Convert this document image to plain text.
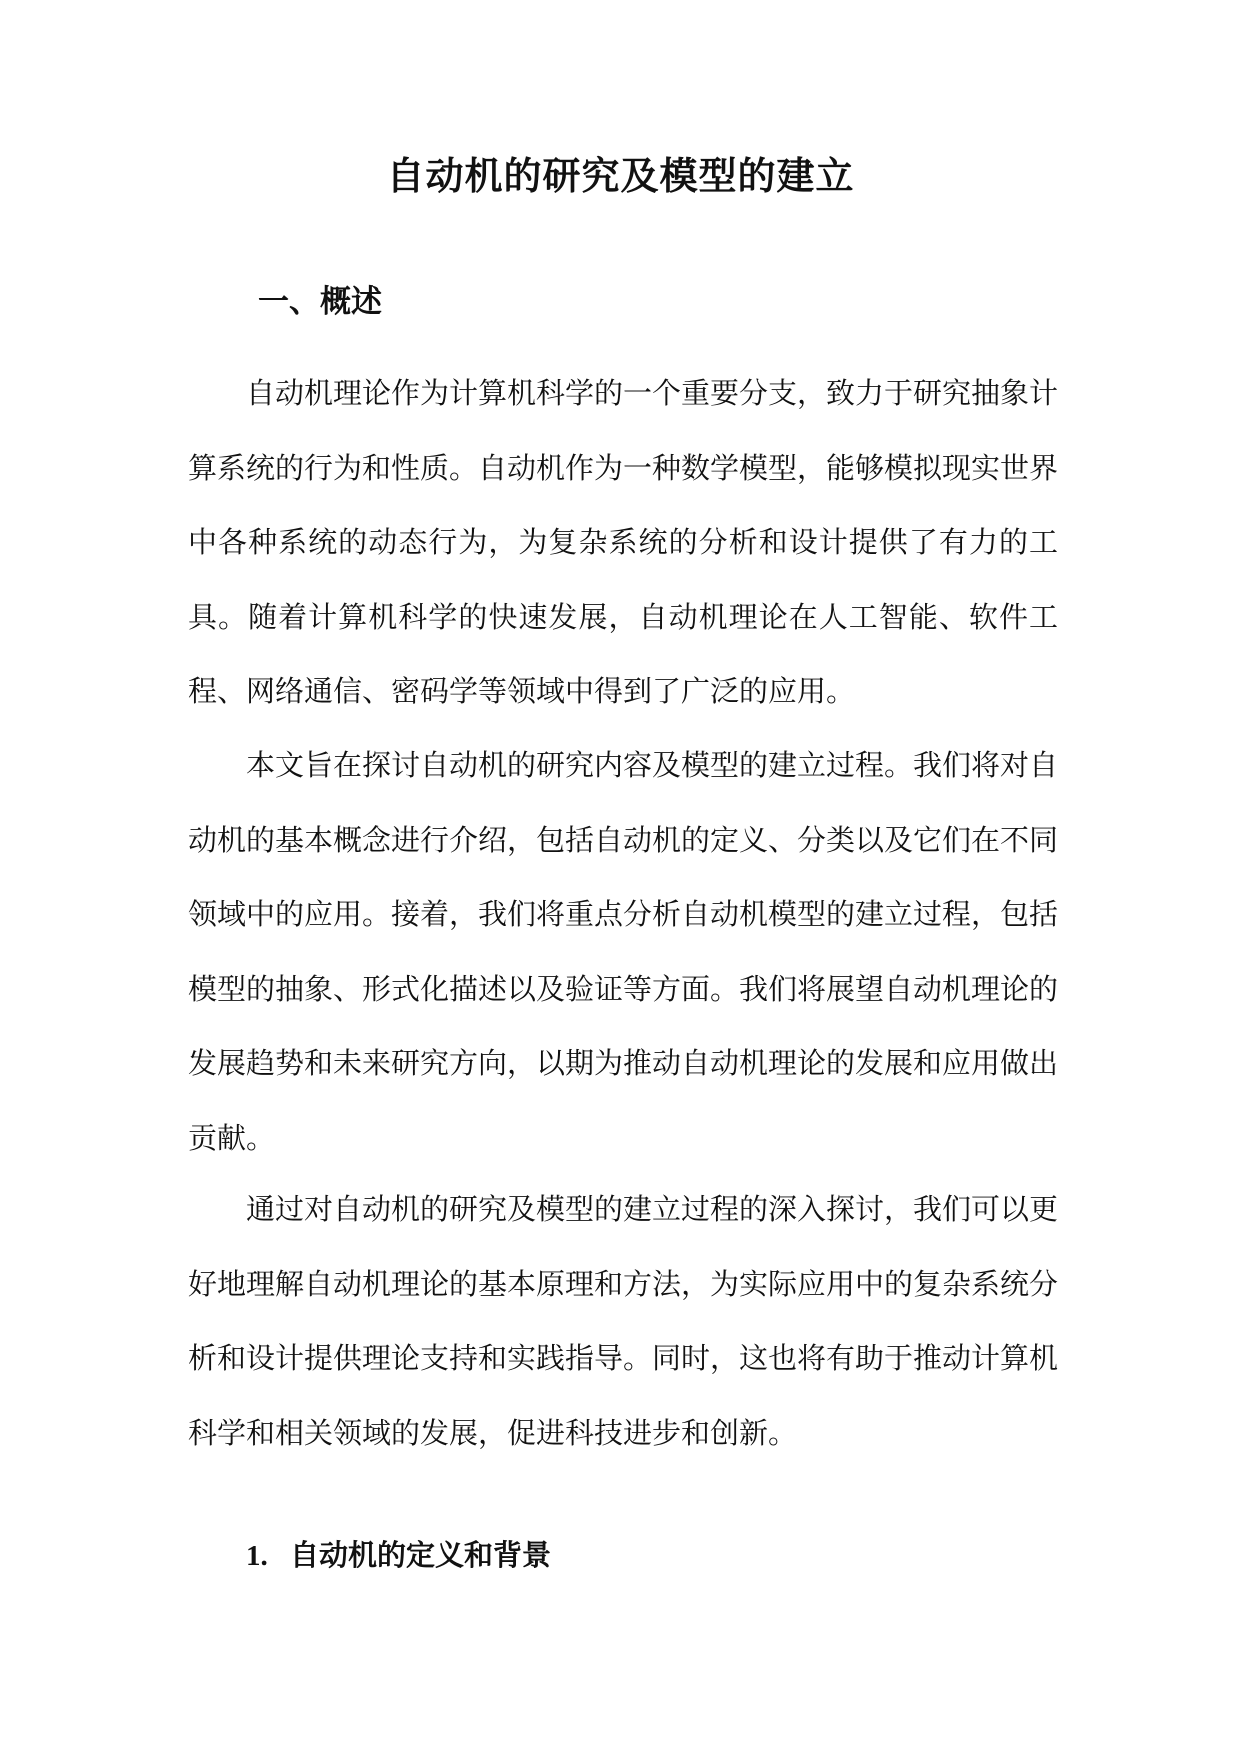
自动机的研究及模型的建立
一、概述

自动机理论作为计算机科学的一个重要分支，致力于研究抽象计算系统的行为和性质。自动机作为一种数学模型，能够模拟现实世界中各种系统的动态行为，为复杂系统的分析和设计提供了有力的工具。随着计算机科学的快速发展，自动机理论在人工智能、软件工程、网络通信、密码学等领域中得到了广泛的应用。

本文旨在探讨自动机的研究内容及模型的建立过程。我们将对自动机的基本概念进行介绍，包括自动机的定义、分类以及它们在不同领域中的应用。接着，我们将重点分析自动机模型的建立过程，包括模型的抽象、形式化描述以及验证等方面。我们将展望自动机理论的发展趋势和未来研究方向，以期为推动自动机理论的发展和应用做出贡献。

通过对自动机的研究及模型的建立过程的深入探讨，我们可以更好地理解自动机理论的基本原理和方法，为实际应用中的复杂系统分析和设计提供理论支持和实践指导。同时，这也将有助于推动计算机科学和相关领域的发展，促进科技进步和创新。

1. 自动机的定义和背景
